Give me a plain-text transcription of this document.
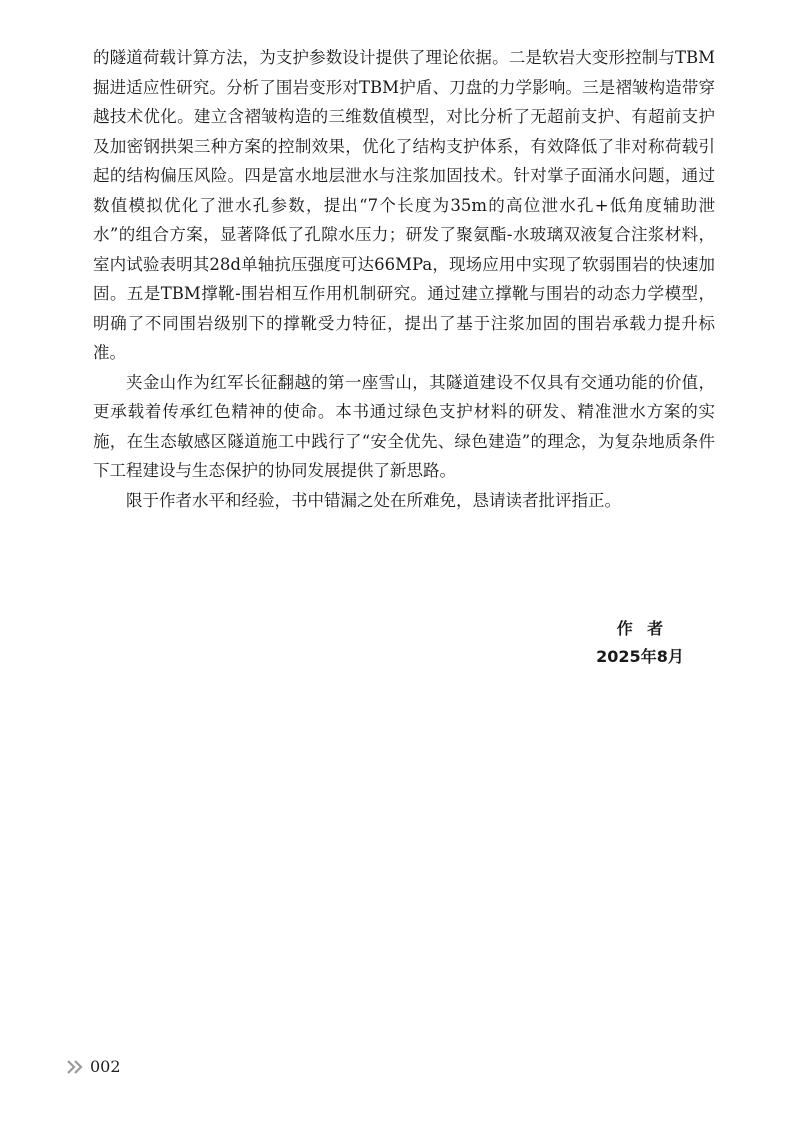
的隧道荷载计算方法，为支护参数设计提供了理论依据。二是软岩大变形控制与TBM掘进适应性研究。分析了围岩变形对TBM护盾、刀盘的力学影响。三是褶皱构造带穿越技术优化。建立含褶皱构造的三维数值模型，对比分析了无超前支护、有超前支护及加密钢拱架三种方案的控制效果，优化了结构支护体系，有效降低了非对称荷载引起的结构偏压风险。四是富水地层泄水与注浆加固技术。针对掌子面涌水问题，通过数值模拟优化了泄水孔参数，提出“7个长度为35m的高位泄水孔+低角度辅助泄水”的组合方案，显著降低了孔隙水压力；研发了聚氨酯-水玻璃双液复合注浆材料，室内试验表明其28d单轴抗压强度可达66MPa，现场应用中实现了软弱围岩的快速加固。五是TBM撑靴-围岩相互作用机制研究。通过建立撑靴与围岩的动态力学模型，明确了不同围岩级别下的撑靴受力特征，提出了基于注浆加固的围岩承载力提升标准。

夹金山作为红军长征翻越的第一座雪山，其隧道建设不仅具有交通功能的价值，更承载着传承红色精神的使命。本书通过绿色支护材料的研发、精准泄水方案的实施，在生态敏感区隧道施工中践行了“安全优先、绿色建造”的理念，为复杂地质条件下工程建设与生态保护的协同发展提供了新思路。

限于作者水平和经验，书中错漏之处在所难免，恳请读者批评指正。

作者
2025年8月
002
